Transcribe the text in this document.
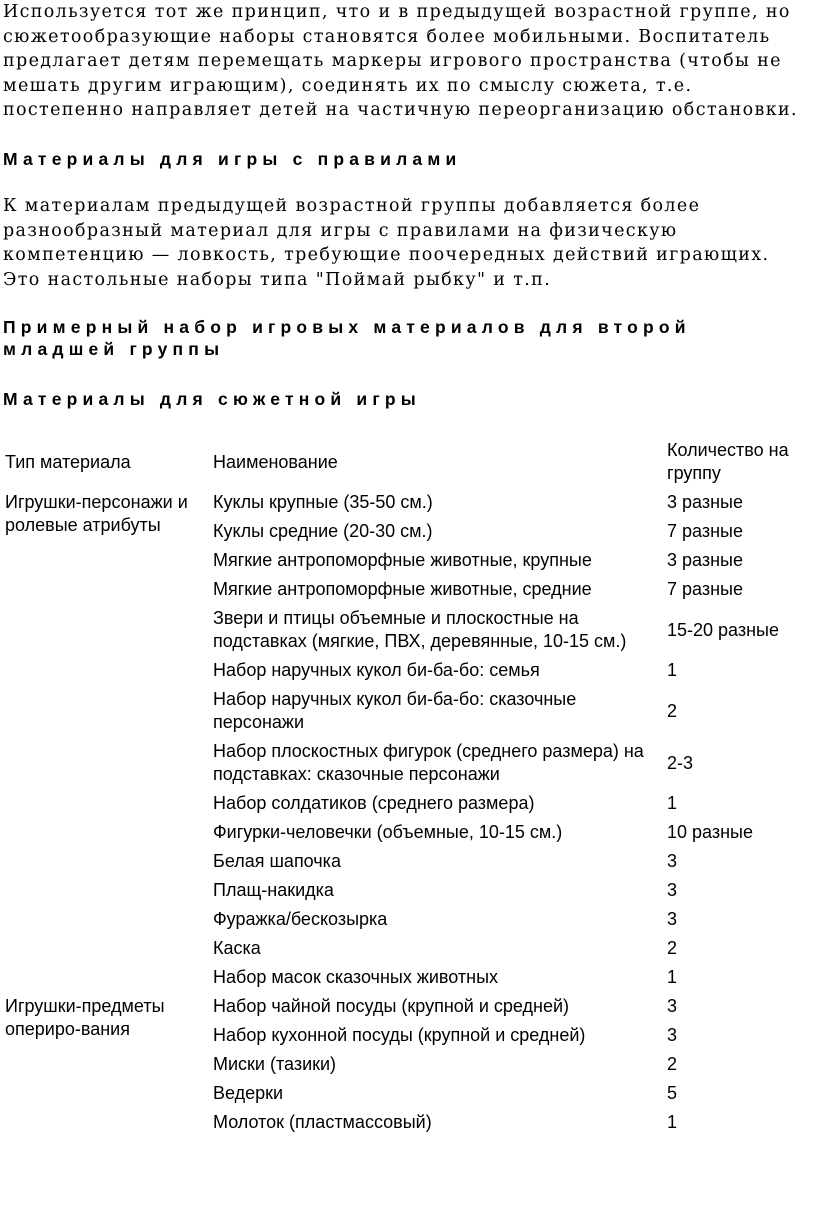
Используется тот же принцип, что и в предыдущей возрастной группе, но сюжетообразующие наборы становятся более мобильными. Воспитатель предлагает детям перемещать маркеры игрового пространства (чтобы не мешать другим играющим), соединять их по смыслу сюжета, т.е. постепенно направляет детей на частичную переорганизацию обстановки.

Материалы для игры с правилами

К материалам предыдущей возрастной группы добавляется более разнообразный материал для игры с правилами на физическую компетенцию — ловкость, требующие поочередных действий играющих. Это настольные наборы типа "Поймай рыбку" и т.п.

Примерный набор игровых материалов для второй младшей группы
Материалы для сюжетной игры
Тип материала	Наименование	Количество на группу
Игрушки-персонажи и ролевые атрибуты	Куклы крупные (35-50 см.)	3 разные
	Куклы средние (20-30 см.)	7 разные
	Мягкие антропоморфные животные, крупные	3 разные
	Мягкие антропоморфные животные, средние	7 разные
	Звери и птицы объемные и плоскостные на подставках (мягкие, ПВХ, деревянные, 10-15 см.)	15-20 разные
	Набор наручных кукол би-ба-бо: семья	1
	Набор наручных кукол би-ба-бо: сказочные персонажи	2
	Набор плоскостных фигурок (среднего размера) на подставках: сказочные персонажи	2-3
	Набор солдатиков (среднего размера)	1
	Фигурки-человечки (объемные, 10-15 см.)	10 разные
	Белая шапочка	3
	Плащ-накидка	3
	Фуражка/бескозырка	3
	Каска	2
	Набор масок сказочных животных	1
Игрушки-предметы опериро-вания	Набор чайной посуды (крупной и средней)	3
	Набор кухонной посуды (крупной и средней)	3
	Миски (тазики)	2
	Ведерки	5
	Молоток (пластмассовый)	1
